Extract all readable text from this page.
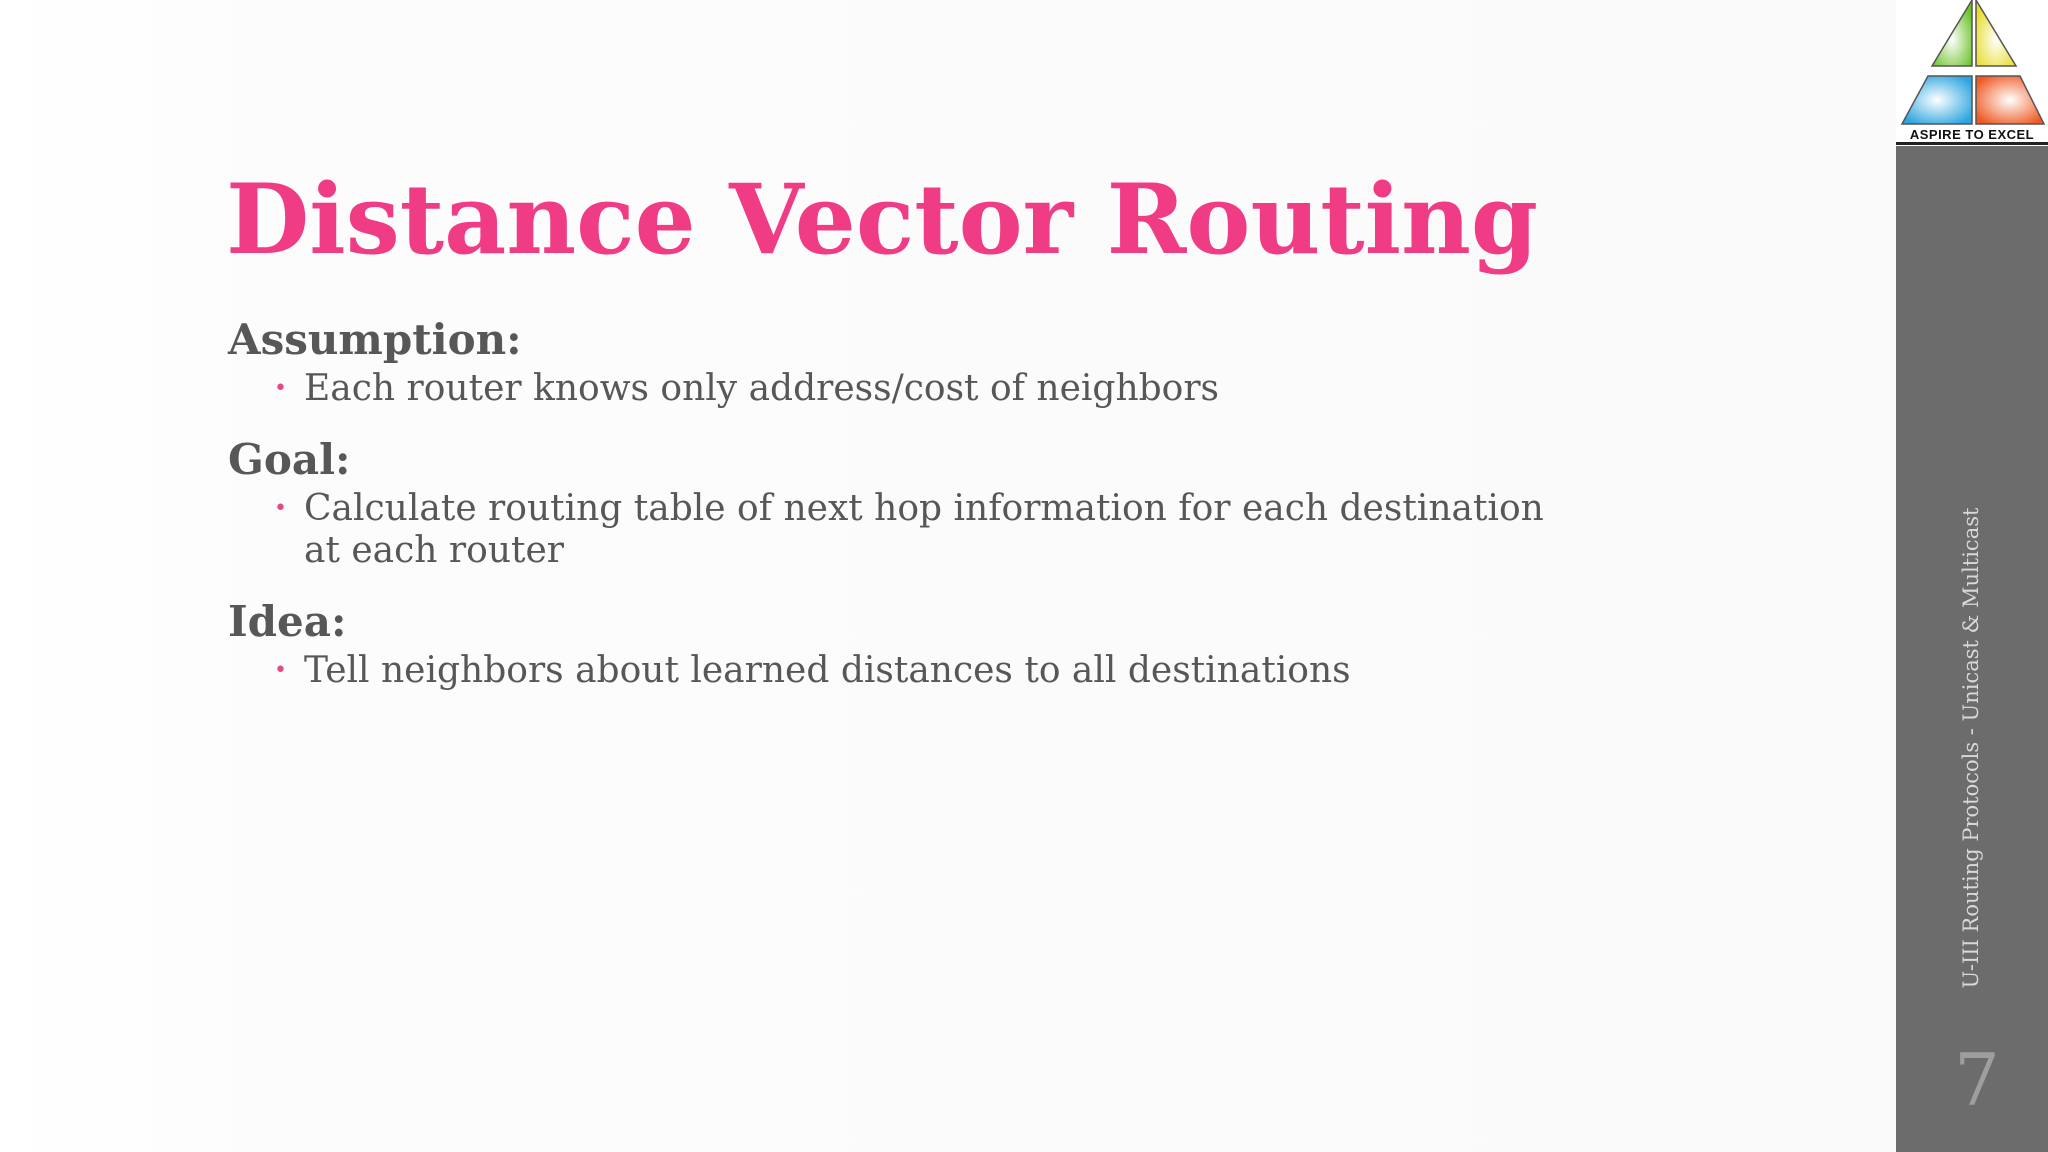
Distance Vector Routing
Assumption:
• Each router knows only address/cost of neighbors
Goal:
• Calculate routing table of next hop information for each destination at each router
Idea:
• Tell neighbors about learned distances to all destinations
ASPIRE TO EXCEL
U-III Routing Protocols - Unicast & Multicast
7
